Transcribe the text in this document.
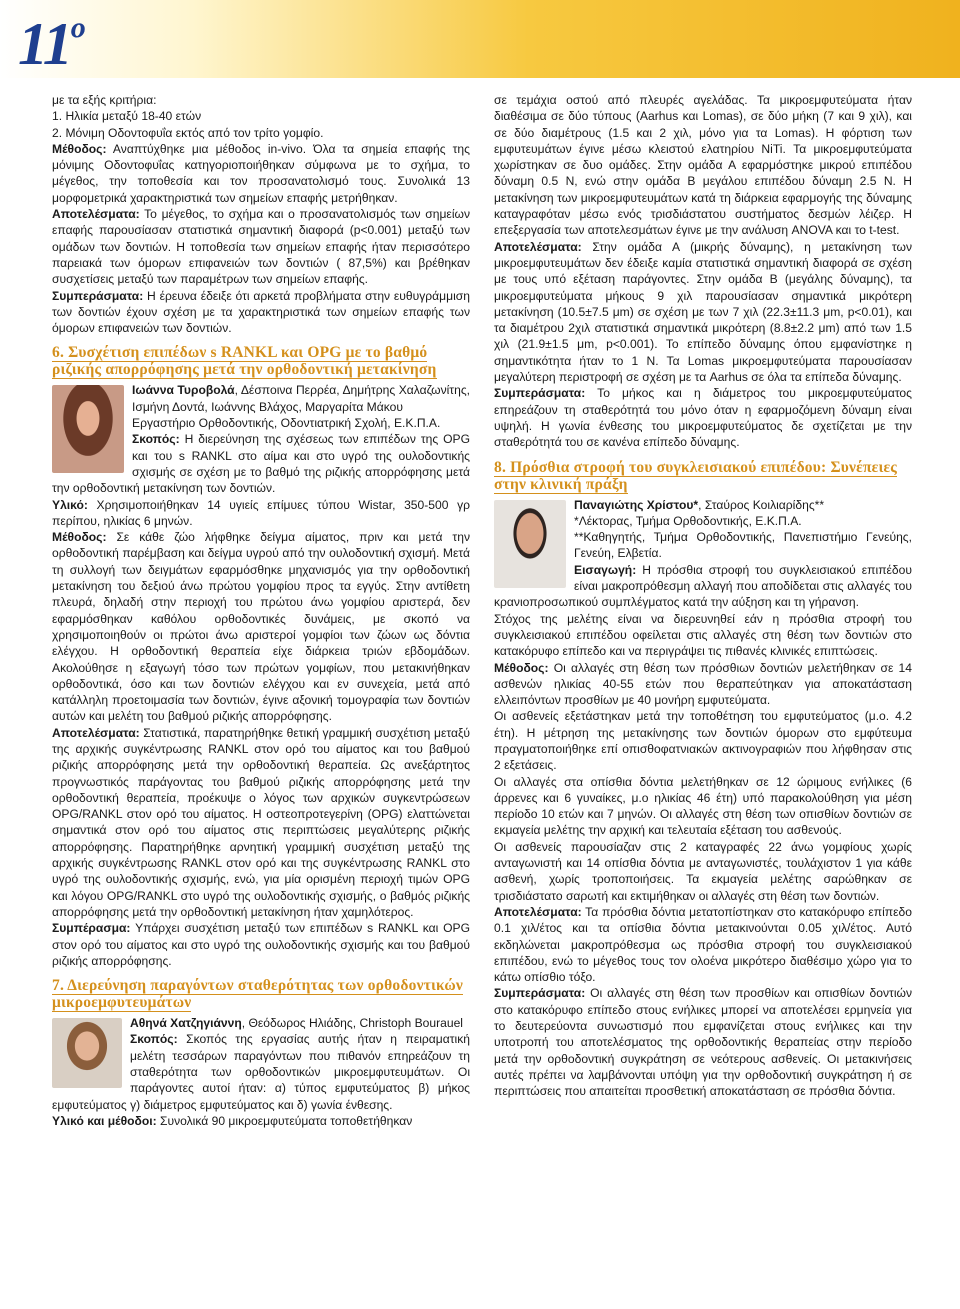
$11^o$

με τα εξής κριτήρια:

1. Ηλικία μεταξύ 18-40 ετών

2. Μόνιμη Οδοντοφυΐα εκτός από τον τρίτο γομφίο.

Μέθοδος: Αναπτύχθηκε μια μέθοδος in-vivo. Όλα τα σημεία επαφής της μόνιμης Οδοντοφυΐας κατηγοριοποιήθηκαν σύμφωνα με το σχήμα, το μέγεθος, την τοποθεσία και τον προσανατολισμό τους. Συνολικά 13 μορφομετρικά χαρακτηριστικά των σημείων επαφής μετρήθηκαν.

Αποτελέσματα: Το μέγεθος, το σχήμα και ο προσανατολισμός των σημείων επαφής παρουσίασαν στατιστικά σημαντική διαφορά (p<0.001) μεταξύ των ομάδων των δοντιών. Η τοποθεσία των σημείων επαφής ήταν περισσότερο παρειακά των όμορων επιφανειών των δοντιών ( 87,5%) και βρέθηκαν συσχετίσεις μεταξύ των παραμέτρων των σημείων επαφής.

Συμπεράσματα: Η έρευνα έδειξε ότι αρκετά προβλήματα στην ευθυγράμμιση των δοντιών έχουν σχέση με τα χαρακτηριστικά των σημείων επαφής των όμορων επιφανειών των δοντιών.

6. Συσχέτιση επιπέδων s RANKL και OPG με το βαθμό ριζικής απορρόφησης μετά την ορθοδοντική μετακίνηση

Ιωάννα Τυροβολά, Δέσποινα Περρέα, Δημήτρης Χαλαζωνίτης, Ισμήνη Δοντά, Ιωάννης Βλάχος, Μαργαρίτα Μάκου

Εργαστήριο Ορθοδοντικής, Οδοντιατρική Σχολή, Ε.Κ.Π.Α.

Σκοπός: Η διερεύνηση της σχέσεως των επιπέδων της OPG και του s RANKL στο αίμα και στο υγρό της ουλοδοντικής σχισμής σε σχέση με το βαθμό της ριζικής απορρόφησης μετά την ορθοδοντική μετακίνηση των δοντιών.

Υλικό: Χρησιμοποιήθηκαν 14 υγιείς επίμυες τύπου Wistar, 350-500 γρ περίπου, ηλικίας 6 μηνών.

Μέθοδος: Σε κάθε ζώο λήφθηκε δείγμα αίματος, πριν και μετά την ορθοδοντική παρέμβαση και δείγμα υγρού από την ουλοδοντική σχισμή. Μετά τη συλλογή των δειγμάτων εφαρμόσθηκε μηχανισμός για την ορθοδοντική μετακίνηση του δεξιού άνω πρώτου γομφίου προς τα εγγύς. Στην αντίθετη πλευρά, δηλαδή στην περιοχή του πρώτου άνω γομφίου αριστερά, δεν εφαρμόσθηκαν καθόλου ορθοδοντικές δυνάμεις, με σκοπό να χρησιμοποιηθούν οι πρώτοι άνω αριστεροί γομφίοι των ζώων ως δόντια ελέγχου. Η ορθοδοντική θεραπεία είχε διάρκεια τριών εβδομάδων. Ακολούθησε η εξαγωγή τόσο των πρώτων γομφίων, που μετακινήθηκαν ορθοδοντικά, όσο και των δοντιών ελέγχου και εν συνεχεία, μετά από κατάλληλη προετοιμασία των δοντιών, έγινε αξονική τομογραφία των δοντιών αυτών και μελέτη του βαθμού ριζικής απορρόφησης.

Αποτελέσματα: Στατιστικά, παρατηρήθηκε θετική γραμμική συσχέτιση μεταξύ της αρχικής συγκέντρωσης RANKL στον ορό του αίματος και του βαθμού ριζικής απορρόφησης μετά την ορθοδοντική θεραπεία. Ως ανεξάρτητος προγνωστικός παράγοντας του βαθμού ριζικής απορρόφησης μετά την ορθοδοντική θεραπεία, προέκυψε ο λόγος των αρχικών συγκεντρώσεων OPG/RANKL στον ορό του αίματος. Η οστεοπροτεγερίνη (OPG) ελαττώνεται σημαντικά στον ορό του αίματος στις περιπτώσεις μεγαλύτερης ριζικής απορρόφησης. Παρατηρήθηκε αρνητική γραμμική συσχέτιση μεταξύ της αρχικής συγκέντρωσης RANKL στον ορό και της συγκέντρωσης RANKL στο υγρό της ουλοδοντικής σχισμής, ενώ, για μία ορισμένη περιοχή τιμών OPG και λόγου OPG/RANKL στο υγρό της ουλοδοντικής σχισμής, ο βαθμός ριζικής απορρόφησης μετά την ορθοδοντική μετακίνηση ήταν χαμηλότερος.

Συμπέρασμα: Υπάρχει συσχέτιση μεταξύ των επιπέδων s RANKL και OPG στον ορό του αίματος και στο υγρό της ουλοδοντικής σχισμής και του βαθμού ριζικής απορρόφησης.

7. Διερεύνηση παραγόντων σταθερότητας των ορθοδοντικών μικροεμφυτευμάτων

Αθηνά Χατζηγιάννη, Θεόδωρος Ηλιάδης, Christoph Bourauel

Σκοπός: Σκοπός της εργασίας αυτής ήταν η πειραματική μελέτη τεσσάρων παραγόντων που πιθανόν επηρεάζουν τη σταθερότητα των ορθοδοντικών μικροεμφυτευμάτων. Οι παράγοντες αυτοί ήταν: α) τύπος εμφυτεύματος β) μήκος εμφυτεύματος γ) διάμετρος εμφυτεύματος και δ) γωνία ένθεσης.

Υλικό και μέθοδοι: Συνολικά 90 μικροεμφυτεύματα τοποθετήθηκαν

σε τεμάχια οστού από πλευρές αγελάδας. Τα μικροεμφυτεύματα ήταν διαθέσιμα σε δύο τύπους (Aarhus και Lomas), σε δύο μήκη (7 και 9 χιλ), και σε δύο διαμέτρους (1.5 και 2 χιλ, μόνο για τα Lomas). Η φόρτιση των εμφυτευμάτων έγινε μέσω κλειστού ελατηρίου NiTi. Τα μικροεμφυτεύματα χωρίστηκαν σε δυο ομάδες. Στην ομάδα Α εφαρμόστηκε μικρού επιπέδου δύναμη 0.5 Ν, ενώ στην ομάδα Β μεγάλου επιπέδου δύναμη 2.5 Ν. Η μετακίνηση των μικροεμφυτευμάτων κατά τη διάρκεια εφαρμογής της δύναμης καταγραφόταν μέσω ενός τρισδιάστατου συστήματος δεσμών λέιζερ. Η επεξεργασία των αποτελεσμάτων έγινε με την ανάλυση ANOVA και το t-test.

Αποτελέσματα: Στην ομάδα Α (μικρής δύναμης), η μετακίνηση των μικροεμφυτευμάτων δεν έδειξε καμία στατιστικά σημαντική διαφορά σε σχέση με τους υπό εξέταση παράγοντες. Στην ομάδα Β (μεγάλης δύναμης), τα μικροεμφυτεύματα μήκους 9 χιλ παρουσίασαν σημαντικά μικρότερη μετακίνηση (10.5±7.5 μm) σε σχέση με των 7 χιλ (22.3±11.3 μm, p<0.01), και τα διαμέτρου 2χιλ στατιστικά σημαντικά μικρότερη (8.8±2.2 μm) από των 1.5 χιλ (21.9±1.5 μm, p<0.001). Το επίπεδο δύναμης όπου εμφανίστηκε η σημαντικότητα ήταν το 1 Ν. Τα Lomas μικροεμφυτεύματα παρουσίασαν μεγαλύτερη περιστροφή σε σχέση με τα Aarhus σε όλα τα επίπεδα δύναμης.

Συμπεράσματα: Το μήκος και η διάμετρος του μικροεμφυτεύματος επηρεάζουν τη σταθερότητά του μόνο όταν η εφαρμοζόμενη δύναμη είναι υψηλή. Η γωνία ένθεσης του μικροεμφυτεύματος δε σχετίζεται με την σταθερότητά του σε κανένα επίπεδο δύναμης.

8. Πρόσθια στροφή του συγκλεισιακού επιπέδου: Συνέπειες στην κλινική πράξη

Παναγιώτης Χρίστου*, Σταύρος Κοιλιαρίδης**

*Λέκτορας, Τμήμα Ορθοδοντικής, Ε.Κ.Π.Α.

**Καθηγητής, Τμήμα Ορθοδοντικής, Πανεπιστήμιο Γενεύης, Γενεύη, Ελβετία.

Εισαγωγή: Η πρόσθια στροφή του συγκλεισιακού επιπέδου είναι μακροπρόθεσμη αλλαγή που αποδίδεται στις αλλαγές του κρανιοπροσωπικού συμπλέγματος κατά την αύξηση και τη γήρανση.

Στόχος της μελέτης είναι να διερευνηθεί εάν η πρόσθια στροφή του συγκλεισιακού επιπέδου οφείλεται στις αλλαγές στη θέση των δοντιών στο κατακόρυφο επίπεδο και να περιγράψει τις πιθανές κλινικές επιπτώσεις.

Μέθοδος: Οι αλλαγές στη θέση των πρόσθιων δοντιών μελετήθηκαν σε 14 ασθενών ηλικίας 40-55 ετών που θεραπεύτηκαν για αποκατάσταση ελλειπόντων προσθίων με 40 μονήρη εμφυτεύματα.

Οι ασθενείς εξετάστηκαν μετά την τοποθέτηση του εμφυτεύματος (μ.ο. 4.2 έτη). Η μέτρηση της μετακίνησης των δοντιών όμορων στο εμφύτευμα πραγματοποιήθηκε επί οπισθοφατνιακών ακτινογραφιών που λήφθησαν στις 2 εξετάσεις.

Οι αλλαγές στα οπίσθια δόντια μελετήθηκαν σε 12 ώριμους ενήλικες (6 άρρενες και 6 γυναίκες, μ.ο ηλικίας 46 έτη) υπό παρακολούθηση για μέση περίοδο 10 ετών και 7 μηνών. Οι αλλαγές στη θέση των οπισθίων δοντιών σε εκμαγεία μελέτης την αρχική και τελευταία εξέταση του ασθενούς.

Οι ασθενείς παρουσίαζαν στις 2 καταγραφές 22 άνω γομφίους χωρίς ανταγωνιστή και 14 οπίσθια δόντια με ανταγωνιστές, τουλάχιστον 1 για κάθε ασθενή, χωρίς τροποποιήσεις. Τα εκμαγεία μελέτης σαρώθηκαν σε τρισδιάστατο σαρωτή και εκτιμήθηκαν οι αλλαγές στη θέση των δοντιών.

Αποτελέσματα: Τα πρόσθια δόντια μετατοπίστηκαν στο κατακόρυφο επίπεδο 0.1 χιλ/έτος και τα οπίσθια δόντια μετακινούνται 0.05 χιλ/έτος. Αυτό εκδηλώνεται μακροπρόθεσμα ως πρόσθια στροφή του συγκλεισιακού επιπέδου, ενώ το μέγεθος τους τον ολοένα μικρότερο διαθέσιμο χώρο για το κάτω οπίσθιο τόξο.

Συμπεράσματα: Οι αλλαγές στη θέση των προσθίων και οπισθίων δοντιών στο κατακόρυφο επίπεδο στους ενήλικες μπορεί να αποτελέσει ερμηνεία για το δευτερεύοντα συνωστισμό που εμφανίζεται στους ενήλικες και την υποτροπή του αποτελέσματος της ορθοδοντικής θεραπείας στην περίοδο μετά την ορθοδοντική συγκράτηση σε νεότερους ασθενείς. Οι μετακινήσεις αυτές πρέπει να λαμβάνονται υπόψη για την ορθοδοντική συγκράτηση ή σε περιπτώσεις που απαιτείται προσθετική αποκατάσταση σε πρόσθια δόντια.
